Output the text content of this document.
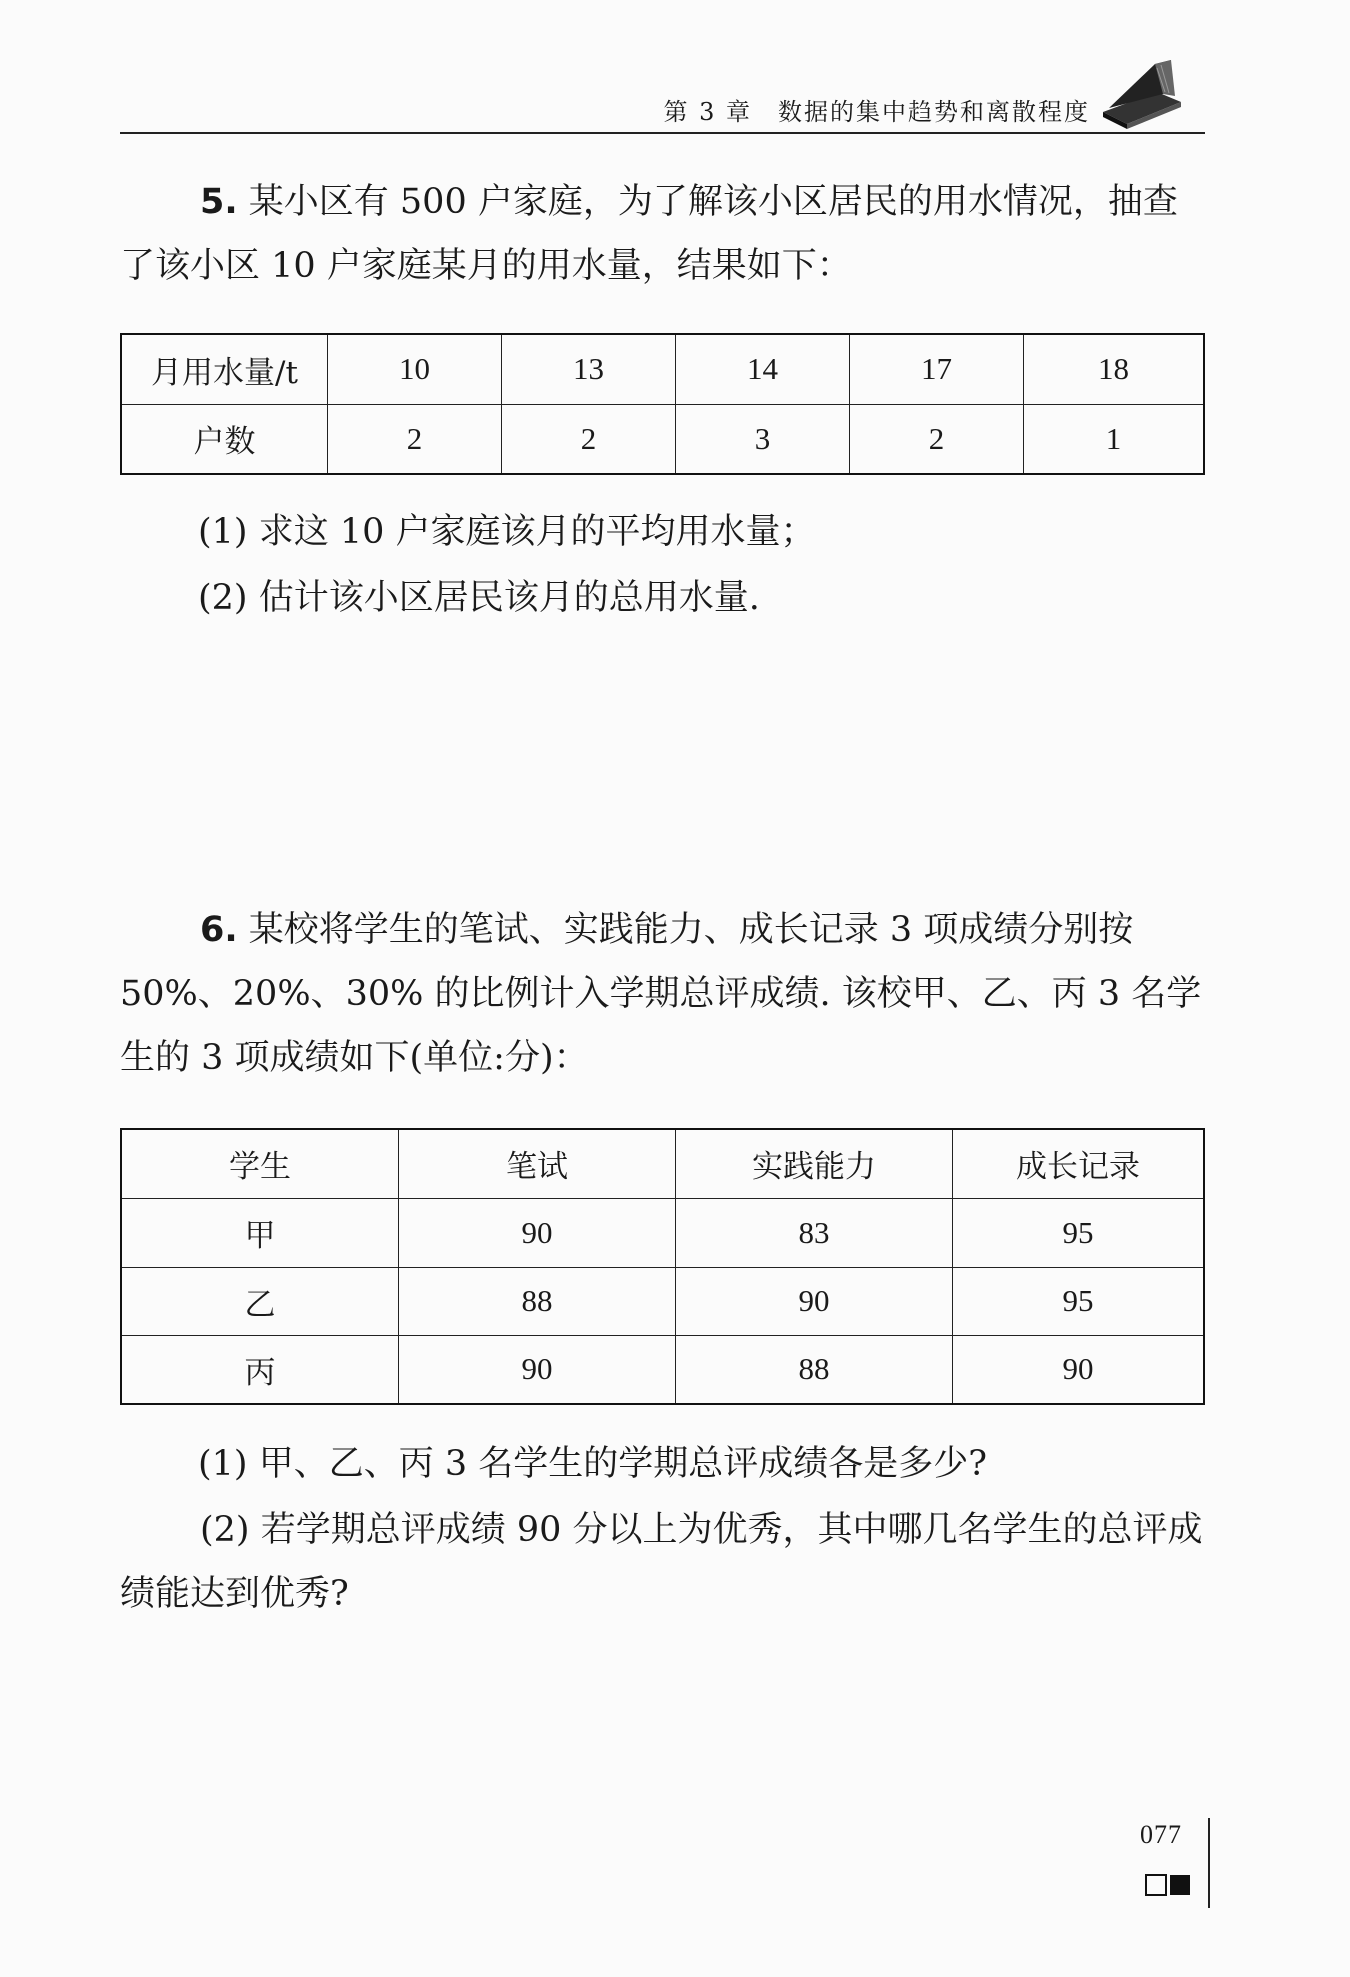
第 3 章　数据的集中趋势和离散程度

5. 某小区有 500 户家庭，为了解该小区居民的用水情况，抽查了该小区 10 户家庭某月的用水量，结果如下：

月用水量/t	10	13	14	17	18
户数	2	2	3	2	1

(1) 求这 10 户家庭该月的平均用水量；

(2) 估计该小区居民该月的总用水量.

6. 某校将学生的笔试、实践能力、成长记录 3 项成绩分别按 50%、20%、30% 的比例计入学期总评成绩. 该校甲、乙、丙 3 名学生的 3 项成绩如下(单位:分)：

学生	笔试	实践能力	成长记录
甲	90	83	95
乙	88	90	95
丙	90	88	90

(1) 甲、乙、丙 3 名学生的学期总评成绩各是多少?

(2) 若学期总评成绩 90 分以上为优秀，其中哪几名学生的总评成绩能达到优秀?

077
